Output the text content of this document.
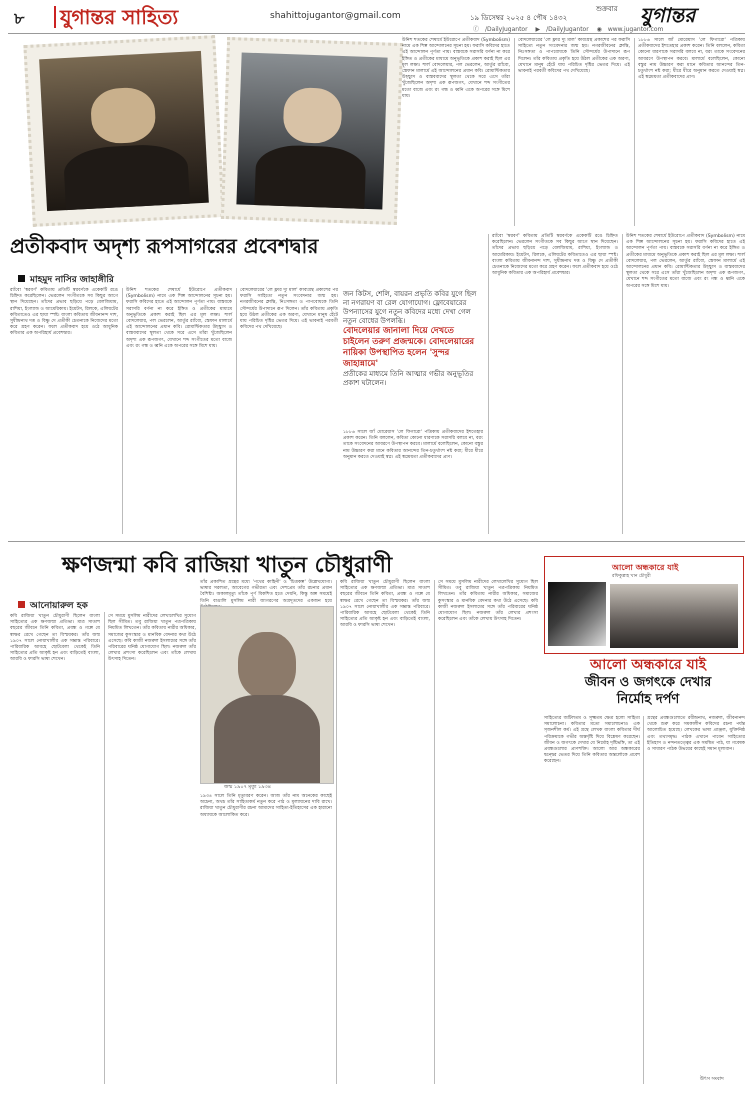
৮ যুগান্তর সাহিত্য	shahittojugantor@gmail.com
শুক্রবার
১৯ ডিসেম্বর ২০২৫ ৪ পৌষ ১৪৩২	যুগান্তর
ⓕ /DailyJugantor ▶ /DailyJugantor ◉ www.jugantor.com
উনিশ শতকের শেষার্ধে ইউরোপে প্রতীকবাদ (Symbolism) নামে এক শিল্প আন্দোলনের সূচনা হয়। ফরাসি কবিদের হাতে এই আন্দোলন পূর্ণতা পায়। বাস্তবকে সরাসরি বর্ণনা না করে ইঙ্গিত ও প্রতীকের মাধ্যমে অনুভূতিকে প্রকাশ করাই ছিল এর মূল লক্ষ্য। শার্ল বোদলেয়ার, পল ভেরলেন, আর্তুর র‍্যাঁবো, স্তেফান মালার্মে এই আন্দোলনের প্রধান কবি। রোমান্টিকতার উচ্ছ্বাস ও বাস্তববাদের স্থূলতা থেকে সরে এসে তাঁরা খুঁজেছিলেন অদৃশ্য এক রূপজগৎ, যেখানে শব্দ সংগীতের মতো বাজে এবং রং গন্ধ ও ধ্বনি একে অপরের সঙ্গে মিশে যায়।
বোদলেয়ারের 'লে ফ্ল্যর দ্যু মাল' কাব্যগ্রন্থ প্রকাশের পর ফরাসি সাহিত্যে নতুন সংবেদনার জন্ম হয়। নগরজীবনের ক্লান্তি, নিঃসঙ্গতা ও পাপবোধকে তিনি সৌন্দর্যের উপাদানে রূপ দিলেন। তাঁর কবিতায় প্রকৃতি হয়ে উঠল প্রতীকের এক অরণ্য, যেখানে মানুষ হেঁটে যায় পরিচিত দৃষ্টির ভেতর দিয়ে। এই ভাবনাই পরবর্তী কবিদের পথ দেখিয়েছে।
১৮৮৬ সালে জাঁ মোরেয়াস 'লে ফিগারো' পত্রিকায় প্রতীকবাদের ইশতেহার প্রকাশ করেন। তিনি বললেন, কবিতা কোনো ধারণাকে সরাসরি বলবে না, বরং তাকে সংবেদনের আবরণে উপস্থাপন করবে। মালার্মে বলেছিলেন, কোনো বস্তুর নাম উচ্চারণ করা মানে কবিতার আনন্দের তিন-চতুর্থাংশ নষ্ট করা; ধীরে ধীরে অনুমান করতে দেওয়াই স্বপ্ন। এই স্বপ্নময়তা প্রতীকবাদের প্রাণ।
প্রতীকবাদ অদৃশ্য রূপসাগরের প্রবেশদ্বার
মাহমুদ নাসির জাহাঙ্গীরি
র‍্যাঁবো 'স্বরবর্ণ' কবিতায় প্রতিটি স্বরবর্ণকে একেকটি রঙে চিহ্নিত করেছিলেন। ভেরলেন সংগীতকে সব কিছুর আগে স্থান দিয়েছেন। তাঁদের প্রভাব ছড়িয়ে পড়ে বেলজিয়াম, রাশিয়া, ইংল্যান্ড ও আমেরিকায়। ইয়েটস, রিলকে, এলিয়টের কবিতাতেও এর ছায়া স্পষ্ট। বাংলা কবিতায় জীবনানন্দ দাশ, সুধীন্দ্রনাথ দত্ত ও বিষ্ণু দে প্রতীকী চেতনাকে নিজেদের মতো করে গ্রহণ করেন। ফলে প্রতীকবাদ হয়ে ওঠে আধুনিক কবিতার এক অপরিহার্য প্রবেশদ্বার।
উনিশ শতকের শেষার্ধে ইউরোপে প্রতীকবাদ (Symbolism) নামে এক শিল্প আন্দোলনের সূচনা হয়। ফরাসি কবিদের হাতে এই আন্দোলন পূর্ণতা পায়। বাস্তবকে সরাসরি বর্ণনা না করে ইঙ্গিত ও প্রতীকের মাধ্যমে অনুভূতিকে প্রকাশ করাই ছিল এর মূল লক্ষ্য। শার্ল বোদলেয়ার, পল ভেরলেন, আর্তুর র‍্যাঁবো, স্তেফান মালার্মে এই আন্দোলনের প্রধান কবি। রোমান্টিকতার উচ্ছ্বাস ও বাস্তববাদের স্থূলতা থেকে সরে এসে তাঁরা খুঁজেছিলেন অদৃশ্য এক রূপজগৎ, যেখানে শব্দ সংগীতের মতো বাজে এবং রং গন্ধ ও ধ্বনি একে অপরের সঙ্গে মিশে যায়।
বোদলেয়ারের 'লে ফ্ল্যর দ্যু মাল' কাব্যগ্রন্থ প্রকাশের পর ফরাসি সাহিত্যে নতুন সংবেদনার জন্ম হয়। নগরজীবনের ক্লান্তি, নিঃসঙ্গতা ও পাপবোধকে তিনি সৌন্দর্যের উপাদানে রূপ দিলেন। তাঁর কবিতায় প্রকৃতি হয়ে উঠল প্রতীকের এক অরণ্য, যেখানে মানুষ হেঁটে যায় পরিচিত দৃষ্টির ভেতর দিয়ে। এই ভাবনাই পরবর্তী কবিদের পথ দেখিয়েছে।
জন কিটস, শেলি, বায়রন প্রভৃতি কবির যুগে ছিল না নগরায়ণ বা রেল যোগাযোগ। ফ্লোবেয়ারের উপন্যাসের যুগে নতুন কবিদের মধ্যে দেখা গেল নতুন বোধের উপলব্ধি।
বোদলেয়ার জানালা দিয়ে দেখতে চাইলেন তরুণ প্রজন্মকে। বোদলেয়ারের নায়িকা উপস্থাপিত হলেন 'সুন্দর জাহান্নামে'
প্রতীকের মাধ্যমে তিনি আত্মার গভীর অনুভূতির প্রকাশ ঘটালেন।
১৮৮৬ সালে জাঁ মোরেয়াস 'লে ফিগারো' পত্রিকায় প্রতীকবাদের ইশতেহার প্রকাশ করেন। তিনি বললেন, কবিতা কোনো ধারণাকে সরাসরি বলবে না, বরং তাকে সংবেদনের আবরণে উপস্থাপন করবে। মালার্মে বলেছিলেন, কোনো বস্তুর নাম উচ্চারণ করা মানে কবিতার আনন্দের তিন-চতুর্থাংশ নষ্ট করা; ধীরে ধীরে অনুমান করতে দেওয়াই স্বপ্ন। এই স্বপ্নময়তা প্রতীকবাদের প্রাণ।
র‍্যাঁবো 'স্বরবর্ণ' কবিতায় প্রতিটি স্বরবর্ণকে একেকটি রঙে চিহ্নিত করেছিলেন। ভেরলেন সংগীতকে সব কিছুর আগে স্থান দিয়েছেন। তাঁদের প্রভাব ছড়িয়ে পড়ে বেলজিয়াম, রাশিয়া, ইংল্যান্ড ও আমেরিকায়। ইয়েটস, রিলকে, এলিয়টের কবিতাতেও এর ছায়া স্পষ্ট। বাংলা কবিতায় জীবনানন্দ দাশ, সুধীন্দ্রনাথ দত্ত ও বিষ্ণু দে প্রতীকী চেতনাকে নিজেদের মতো করে গ্রহণ করেন। ফলে প্রতীকবাদ হয়ে ওঠে আধুনিক কবিতার এক অপরিহার্য প্রবেশদ্বার।
উনিশ শতকের শেষার্ধে ইউরোপে প্রতীকবাদ (Symbolism) নামে এক শিল্প আন্দোলনের সূচনা হয়। ফরাসি কবিদের হাতে এই আন্দোলন পূর্ণতা পায়। বাস্তবকে সরাসরি বর্ণনা না করে ইঙ্গিত ও প্রতীকের মাধ্যমে অনুভূতিকে প্রকাশ করাই ছিল এর মূল লক্ষ্য। শার্ল বোদলেয়ার, পল ভেরলেন, আর্তুর র‍্যাঁবো, স্তেফান মালার্মে এই আন্দোলনের প্রধান কবি। রোমান্টিকতার উচ্ছ্বাস ও বাস্তববাদের স্থূলতা থেকে সরে এসে তাঁরা খুঁজেছিলেন অদৃশ্য এক রূপজগৎ, যেখানে শব্দ সংগীতের মতো বাজে এবং রং গন্ধ ও ধ্বনি একে অপরের সঙ্গে মিশে যায়।
ক্ষণজন্মা কবি রাজিয়া খাতুন চৌধুরাণী
আনোয়ারুল হক
কবি রাজিয়া খাতুন চৌধুরাণী ছিলেন বাংলা সাহিত্যের এক ক্ষণজন্মা প্রতিভা। মাত্র সাতাশ বছরের জীবনে তিনি কবিতা, প্রবন্ধ ও গল্পে যে স্বাক্ষর রেখে গেছেন তা বিস্ময়কর। তাঁর জন্ম ১৯০৭ সালে নোয়াখালীর এক সম্ভ্রান্ত পরিবারে। পারিবারিক আবহে ছোটবেলা থেকেই তিনি সাহিত্যের প্রতি আকৃষ্ট হন এবং বাড়িতেই বাংলা, আরবি ও ফারসি ভাষা শেখেন।
সে সময়ে মুসলিম নারীদের লেখালেখির সুযোগ ছিল সীমিত। তবু রাজিয়া খাতুন পত্রপত্রিকায় নিয়মিত লিখতেন। তাঁর কবিতায় নারীর অধিকার, সমাজের কুসংস্কার ও মানবিক বেদনার কথা উঠে এসেছে। কবি কাজী নজরুল ইসলামের সঙ্গে তাঁর পরিবারের ঘনিষ্ঠ যোগাযোগ ছিল। নজরুল তাঁর লেখার প্রশংসা করেছিলেন এবং তাঁকে লেখায় উৎসাহ দিতেন।
তাঁর প্রকাশিত গ্রন্থের মধ্যে 'পথের কাহিনী' ও 'চিত্রকল্প' উল্লেখযোগ্য। ভাষার সরলতা, আবেগের গভীরতা এবং দেশপ্রেম তাঁর রচনার প্রধান বৈশিষ্ট্য। অকালমৃত্যু তাঁকে পূর্ণ বিকশিত হতে দেয়নি, কিন্তু অল্প সময়েই তিনি বাঙালি মুসলিম নারী জাগরণের অগ্রদূতদের একজন হয়ে
জন্ম ১৯০৭ মৃত্যু ১৯৩৪
১৯৩৪ সালে তিনি মৃত্যুবরণ করেন। আজ তাঁর নাম অনেকের কাছেই অচেনা, অথচ তাঁর সাহিত্যকর্ম নতুন করে পাঠ ও মূল্যায়নের দাবি রাখে। রাজিয়া খাতুন চৌধুরাণীর রচনা আমাদের সাহিত্য-ইতিহাসের এক হারানো অধ্যায়কে আলোকিত করে।
কবি রাজিয়া খাতুন চৌধুরাণী ছিলেন বাংলা সাহিত্যের এক ক্ষণজন্মা প্রতিভা। মাত্র সাতাশ বছরের জীবনে তিনি কবিতা, প্রবন্ধ ও গল্পে যে স্বাক্ষর রেখে গেছেন তা বিস্ময়কর। তাঁর জন্ম ১৯০৭ সালে নোয়াখালীর এক সম্ভ্রান্ত পরিবারে। পারিবারিক আবহে ছোটবেলা থেকেই তিনি সাহিত্যের প্রতি আকৃষ্ট হন এবং বাড়িতেই বাংলা, আরবি ও ফারসি ভাষা শেখেন।
সে সময়ে মুসলিম নারীদের লেখালেখির সুযোগ ছিল সীমিত। তবু রাজিয়া খাতুন পত্রপত্রিকায় নিয়মিত লিখতেন। তাঁর কবিতায় নারীর অধিকার, সমাজের কুসংস্কার ও মানবিক বেদনার কথা উঠে এসেছে। কবি কাজী নজরুল ইসলামের সঙ্গে তাঁর পরিবারের ঘনিষ্ঠ যোগাযোগ ছিল। নজরুল তাঁর লেখার প্রশংসা করেছিলেন এবং তাঁকে লেখায় উৎসাহ দিতেন।
আলো অন্ধকারে যাই
রফিকুল্লাহ খান চৌধুরী
আলো অন্ধকারে যাই
জীবন ও জগৎকে দেখার
নির্মোহ দর্পণ
সাহিত্যের জটিলতম ও সূক্ষ্মতম ক্ষেত্র হলো সাহিত্য সমালোচনা। কবিতার মতো সমালোচনাও এক সৃজনশীল কর্ম। এই গ্রন্থে লেখক বাংলা কবিতার দীর্ঘ পরিক্রমাকে গভীর অন্তর্দৃষ্টি দিয়ে বিশ্লেষণ করেছেন। জীবন ও জগৎকে দেখার যে নির্মোহ দৃষ্টিভঙ্গি, তা এই প্রবন্ধগুলোর প্রাণশক্তি। আলো আর অন্ধকারের দ্বন্দ্বের ভেতর দিয়ে তিনি কবিতার অন্তর্লোকে প্রবেশ করেছেন।
গ্রন্থের প্রবন্ধগুলোতে রবীন্দ্রনাথ, নজরুল, জীবনানন্দ থেকে শুরু করে সমকালীন কবিদের রচনা পর্যন্ত আলোচিত হয়েছে। লেখকের ভাষা প্রাঞ্জল, যুক্তিনিষ্ঠ এবং তথ্যসমৃদ্ধ। পাঠক এখানে পাবেন সাহিত্যের ইতিহাস ও নন্দনতত্ত্বের এক সমন্বিত পাঠ, যা গবেষক ও সাধারণ পাঠক উভয়ের কাছেই সমান মূল্যবান।
উৎস সংবাদ
